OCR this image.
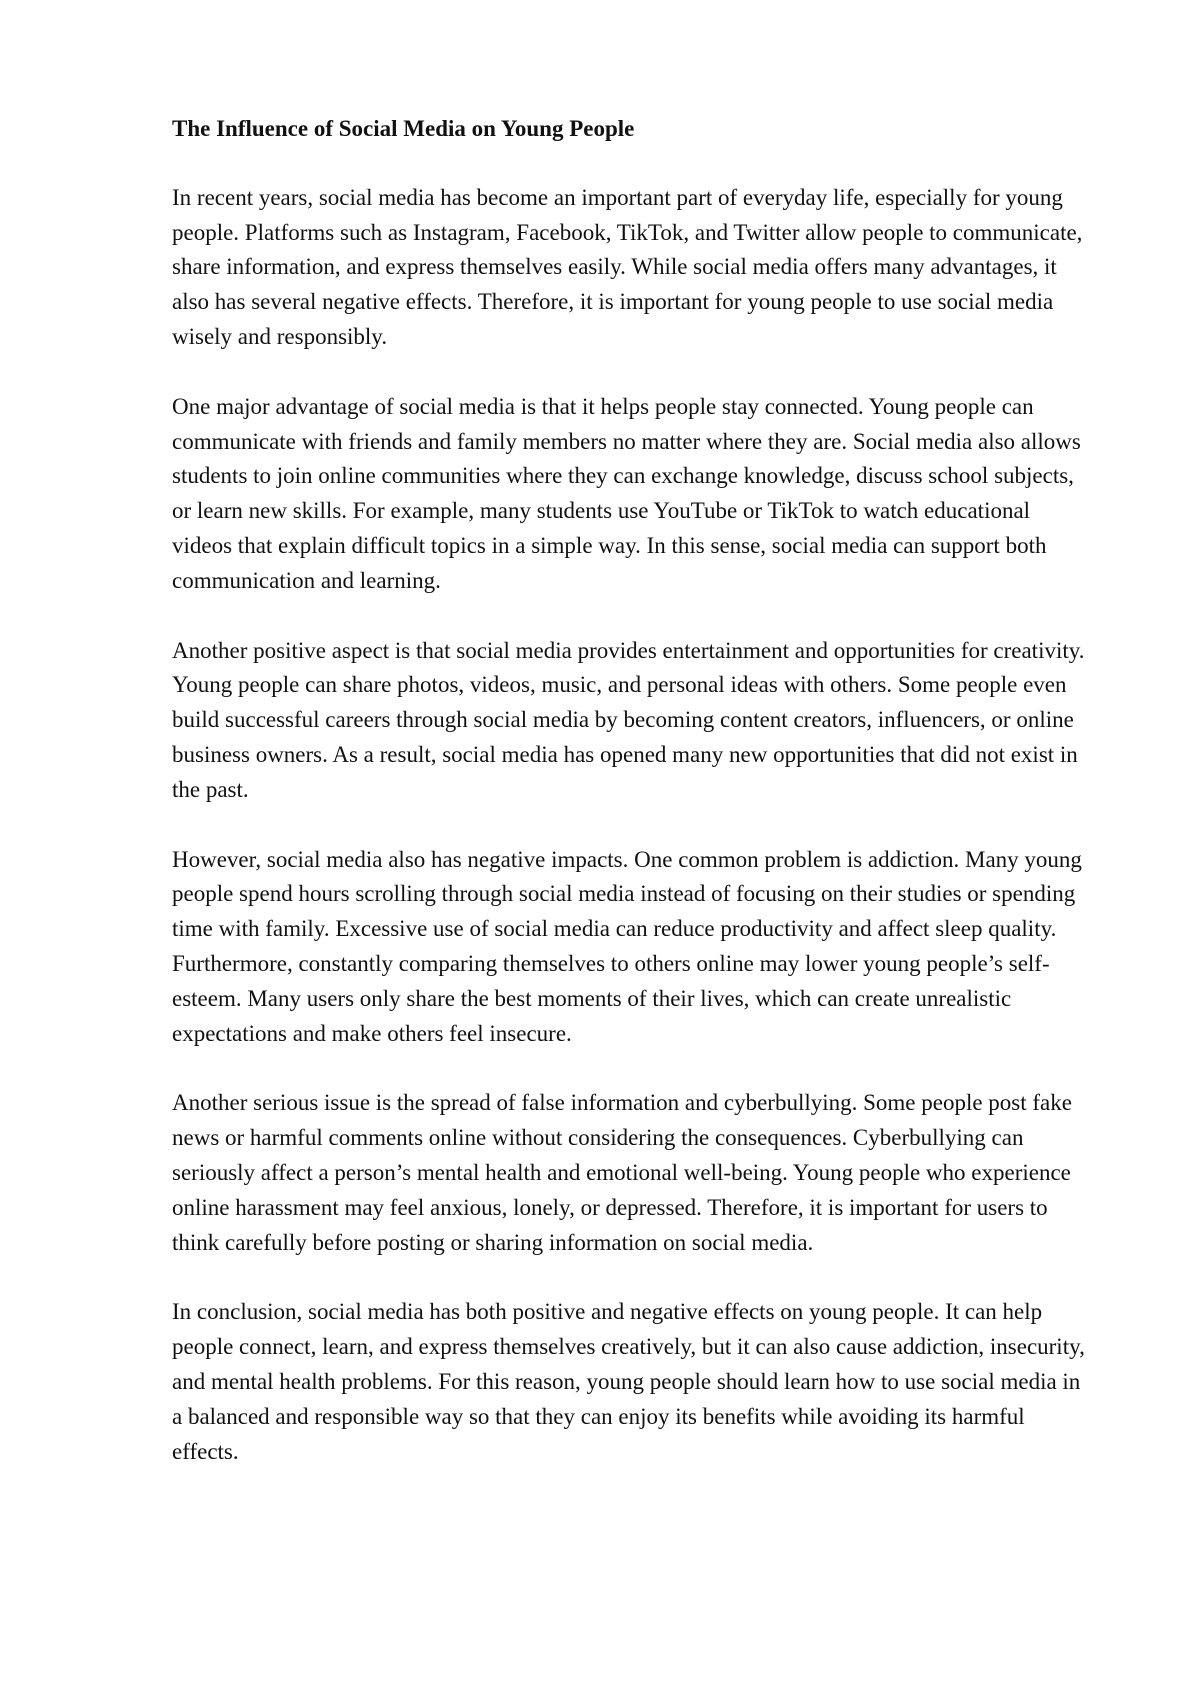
The Influence of Social Media on Young People

In recent years, social media has become an important part of everyday life, especially for young people. Platforms such as Instagram, Facebook, TikTok, and Twitter allow people to communicate, share information, and express themselves easily. While social media offers many advantages, it also has several negative effects. Therefore, it is important for young people to use social media wisely and responsibly.

One major advantage of social media is that it helps people stay connected. Young people can communicate with friends and family members no matter where they are. Social media also allows students to join online communities where they can exchange knowledge, discuss school subjects, or learn new skills. For example, many students use YouTube or TikTok to watch educational videos that explain difficult topics in a simple way. In this sense, social media can support both communication and learning.

Another positive aspect is that social media provides entertainment and opportunities for creativity. Young people can share photos, videos, music, and personal ideas with others. Some people even build successful careers through social media by becoming content creators, influencers, or online business owners. As a result, social media has opened many new opportunities that did not exist in the past.

However, social media also has negative impacts. One common problem is addiction. Many young people spend hours scrolling through social media instead of focusing on their studies or spending time with family. Excessive use of social media can reduce productivity and affect sleep quality. Furthermore, constantly comparing themselves to others online may lower young people’s self-esteem. Many users only share the best moments of their lives, which can create unrealistic expectations and make others feel insecure.

Another serious issue is the spread of false information and cyberbullying. Some people post fake news or harmful comments online without considering the consequences. Cyberbullying can seriously affect a person’s mental health and emotional well-being. Young people who experience online harassment may feel anxious, lonely, or depressed. Therefore, it is important for users to think carefully before posting or sharing information on social media.

In conclusion, social media has both positive and negative effects on young people. It can help people connect, learn, and express themselves creatively, but it can also cause addiction, insecurity, and mental health problems. For this reason, young people should learn how to use social media in a balanced and responsible way so that they can enjoy its benefits while avoiding its harmful effects.
